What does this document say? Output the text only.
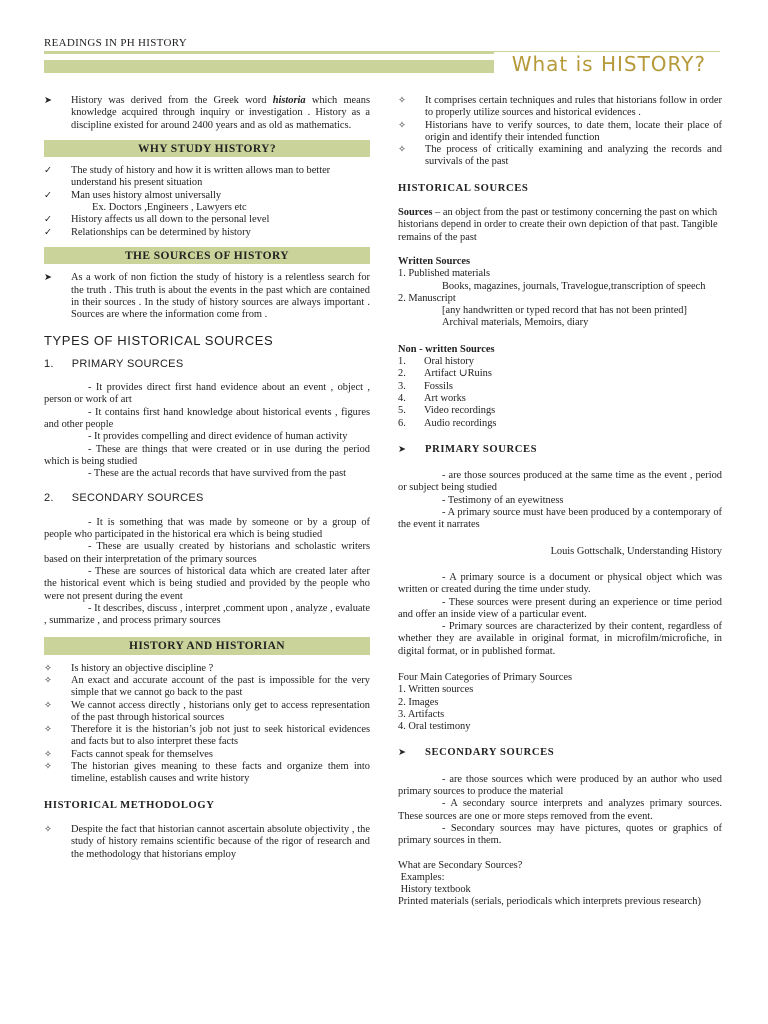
READINGS IN PH HISTORY
What is HISTORY?
➤	History was derived from the Greek word historia which means knowledge acquired through inquiry or investigation . History as a discipline existed for around 2400 years and as old as mathematics.
WHY STUDY HISTORY?
✓	The study of history and how it is written allows man to better understand his present situation
✓	Man uses history almost universally
Ex. Doctors ,Engineers , Lawyers etc
✓	History affects us all down to the personal level
✓	Relationships can be determined by history
THE SOURCES OF HISTORY
➤	As a work of non fiction the study of history is a relentless search for the truth . This truth is about the events in the past which are contained in their sources . In the study of history sources are always important . Sources are where the information come from .
TYPES OF HISTORICAL SOURCES
1. PRIMARY SOURCES
- It provides direct first hand evidence about an event , object , person or work of art
- It contains first hand knowledge about historical events , figures and other people
- It provides compelling and direct evidence of human activity
- These are things that were created or in use during the period which is being studied
- These are the actual records that have survived from the past
2. SECONDARY SOURCES
- It is something that was made by someone or by a group of people who participated in the historical era which is being studied
- These are usually created by historians and scholastic writers based on their interpretation of the primary sources
- These are sources of historical data which are created later after the historical event which is being studied and provided by the people who were not present during the event
- It describes, discuss , interpret ,comment upon , analyze , evaluate , summarize , and process primary sources
HISTORY AND HISTORIAN
✧	Is history an objective discipline ?
✧	An exact and accurate account of the past is impossible for the very simple that we cannot go back to the past
✧	We cannot access directly , historians only get to access representation of the past through historical sources
✧	Therefore it is the historian’s job not just to seek historical evidences and facts but to also interpret these facts
✧	Facts cannot speak for themselves
✧	The historian gives meaning to these facts and organize them into timeline, establish causes and write history
HISTORICAL METHODOLOGY
✧	Despite the fact that historian cannot ascertain absolute objectivity , the study of history remains scientific because of the rigor of research and the methodology that historians employ
✧	It comprises certain techniques and rules that historians follow in order to properly utilize sources and historical evidences .
✧	Historians have to verify sources, to date them, locate their place of origin and identify their intended function
✧	The process of critically examining and analyzing the records and survivals of the past
HISTORICAL SOURCES
Sources – an object from the past or testimony concerning the past on which historians depend in order to create their own depiction of that past. Tangible remains of the past
Written Sources
1. Published materials
Books, magazines, journals, Travelogue,transcription of speech
2. Manuscript
[any handwritten or typed record that has not been printed]
Archival materials, Memoirs, diary
Non - written Sources
1. Oral history
2. Artifact ∪Ruins
3. Fossils
4. Art works
5. Video recordings
6. Audio recordings
➤	PRIMARY SOURCES
- are those sources produced at the same time as the event , period or subject being studied
- Testimony of an eyewitness
- A primary source must have been produced by a contemporary of the event it narrates
Louis Gottschalk, Understanding History
- A primary source is a document or physical object which was written or created during the time under study.
- These sources were present during an experience or time period and offer an inside view of a particular event.
- Primary sources are characterized by their content, regardless of whether they are available in original format, in microfilm/microfiche, in digital format, or in published format.
Four Main Categories of Primary Sources
1. Written sources
2. Images
3. Artifacts
4. Oral testimony
➤	SECONDARY SOURCES
- are those sources which were produced by an author who used primary sources to produce the material
- A secondary source interprets and analyzes primary sources. These sources are one or more steps removed from the event.
- Secondary sources may have pictures, quotes or graphics of primary sources in them.
What are Secondary Sources?
Examples:
History textbook
Printed materials (serials, periodicals which interprets previous research)
